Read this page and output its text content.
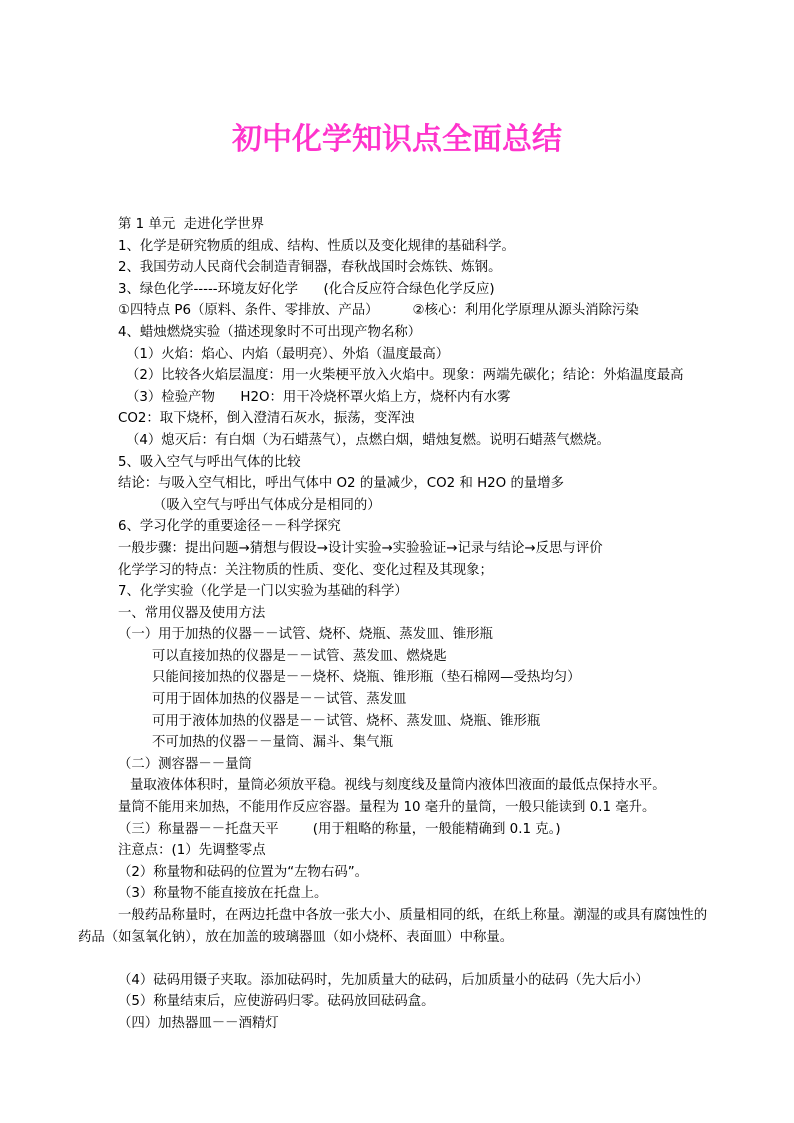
初中化学知识点全面总结
第 1 单元  走进化学世界
1、化学是研究物质的组成、结构、性质以及变化规律的基础科学。
2、我国劳动人民商代会制造青铜器，春秋战国时会炼铁、炼钢。
3、绿色化学-----环境友好化学      (化合反应符合绿色化学反应)
①四特点 P6（原料、条件、零排放、产品）        ②核心：利用化学原理从源头消除污染
4、蜡烛燃烧实验（描述现象时不可出现产物名称）
（1）火焰：焰心、内焰（最明亮）、外焰（温度最高）
（2）比较各火焰层温度：用一火柴梗平放入火焰中。现象：两端先碳化；结论：外焰温度最高
（3）检验产物      H2O：用干冷烧杯罩火焰上方，烧杯内有水雾
CO2：取下烧杯，倒入澄清石灰水，振荡，变浑浊
（4）熄灭后：有白烟（为石蜡蒸气），点燃白烟，蜡烛复燃。说明石蜡蒸气燃烧。
5、吸入空气与呼出气体的比较
结论：与吸入空气相比，呼出气体中 O2 的量减少，CO2 和 H2O 的量增多
（吸入空气与呼出气体成分是相同的）
6、学习化学的重要途径－－科学探究
一般步骤：提出问题→猜想与假设→设计实验→实验验证→记录与结论→反思与评价
化学学习的特点：关注物质的性质、变化、变化过程及其现象；
7、化学实验（化学是一门以实验为基础的科学）
一、常用仪器及使用方法
（一）用于加热的仪器－－试管、烧杯、烧瓶、蒸发皿、锥形瓶
可以直接加热的仪器是－－试管、蒸发皿、燃烧匙
只能间接加热的仪器是－－烧杯、烧瓶、锥形瓶（垫石棉网—受热均匀）
可用于固体加热的仪器是－－试管、蒸发皿
可用于液体加热的仪器是－－试管、烧杯、蒸发皿、烧瓶、锥形瓶
不可加热的仪器－－量筒、漏斗、集气瓶
（二）测容器－－量筒
量取液体体积时，量筒必须放平稳。视线与刻度线及量筒内液体凹液面的最低点保持水平。
量筒不能用来加热，不能用作反应容器。量程为 10 毫升的量筒，一般只能读到 0.1 毫升。
（三）称量器－－托盘天平        (用于粗略的称量，一般能精确到 0.1 克。)
注意点：(1）先调整零点
（2）称量物和砝码的位置为“左物右码”。
（3）称量物不能直接放在托盘上。
一般药品称量时，在两边托盘中各放一张大小、质量相同的纸，在纸上称量。潮湿的或具有腐蚀性的药品（如氢氧化钠），放在加盖的玻璃器皿（如小烧杯、表面皿）中称量。
（4）砝码用镊子夹取。添加砝码时，先加质量大的砝码，后加质量小的砝码（先大后小）
（5）称量结束后，应使游码归零。砝码放回砝码盒。
（四）加热器皿－－酒精灯
